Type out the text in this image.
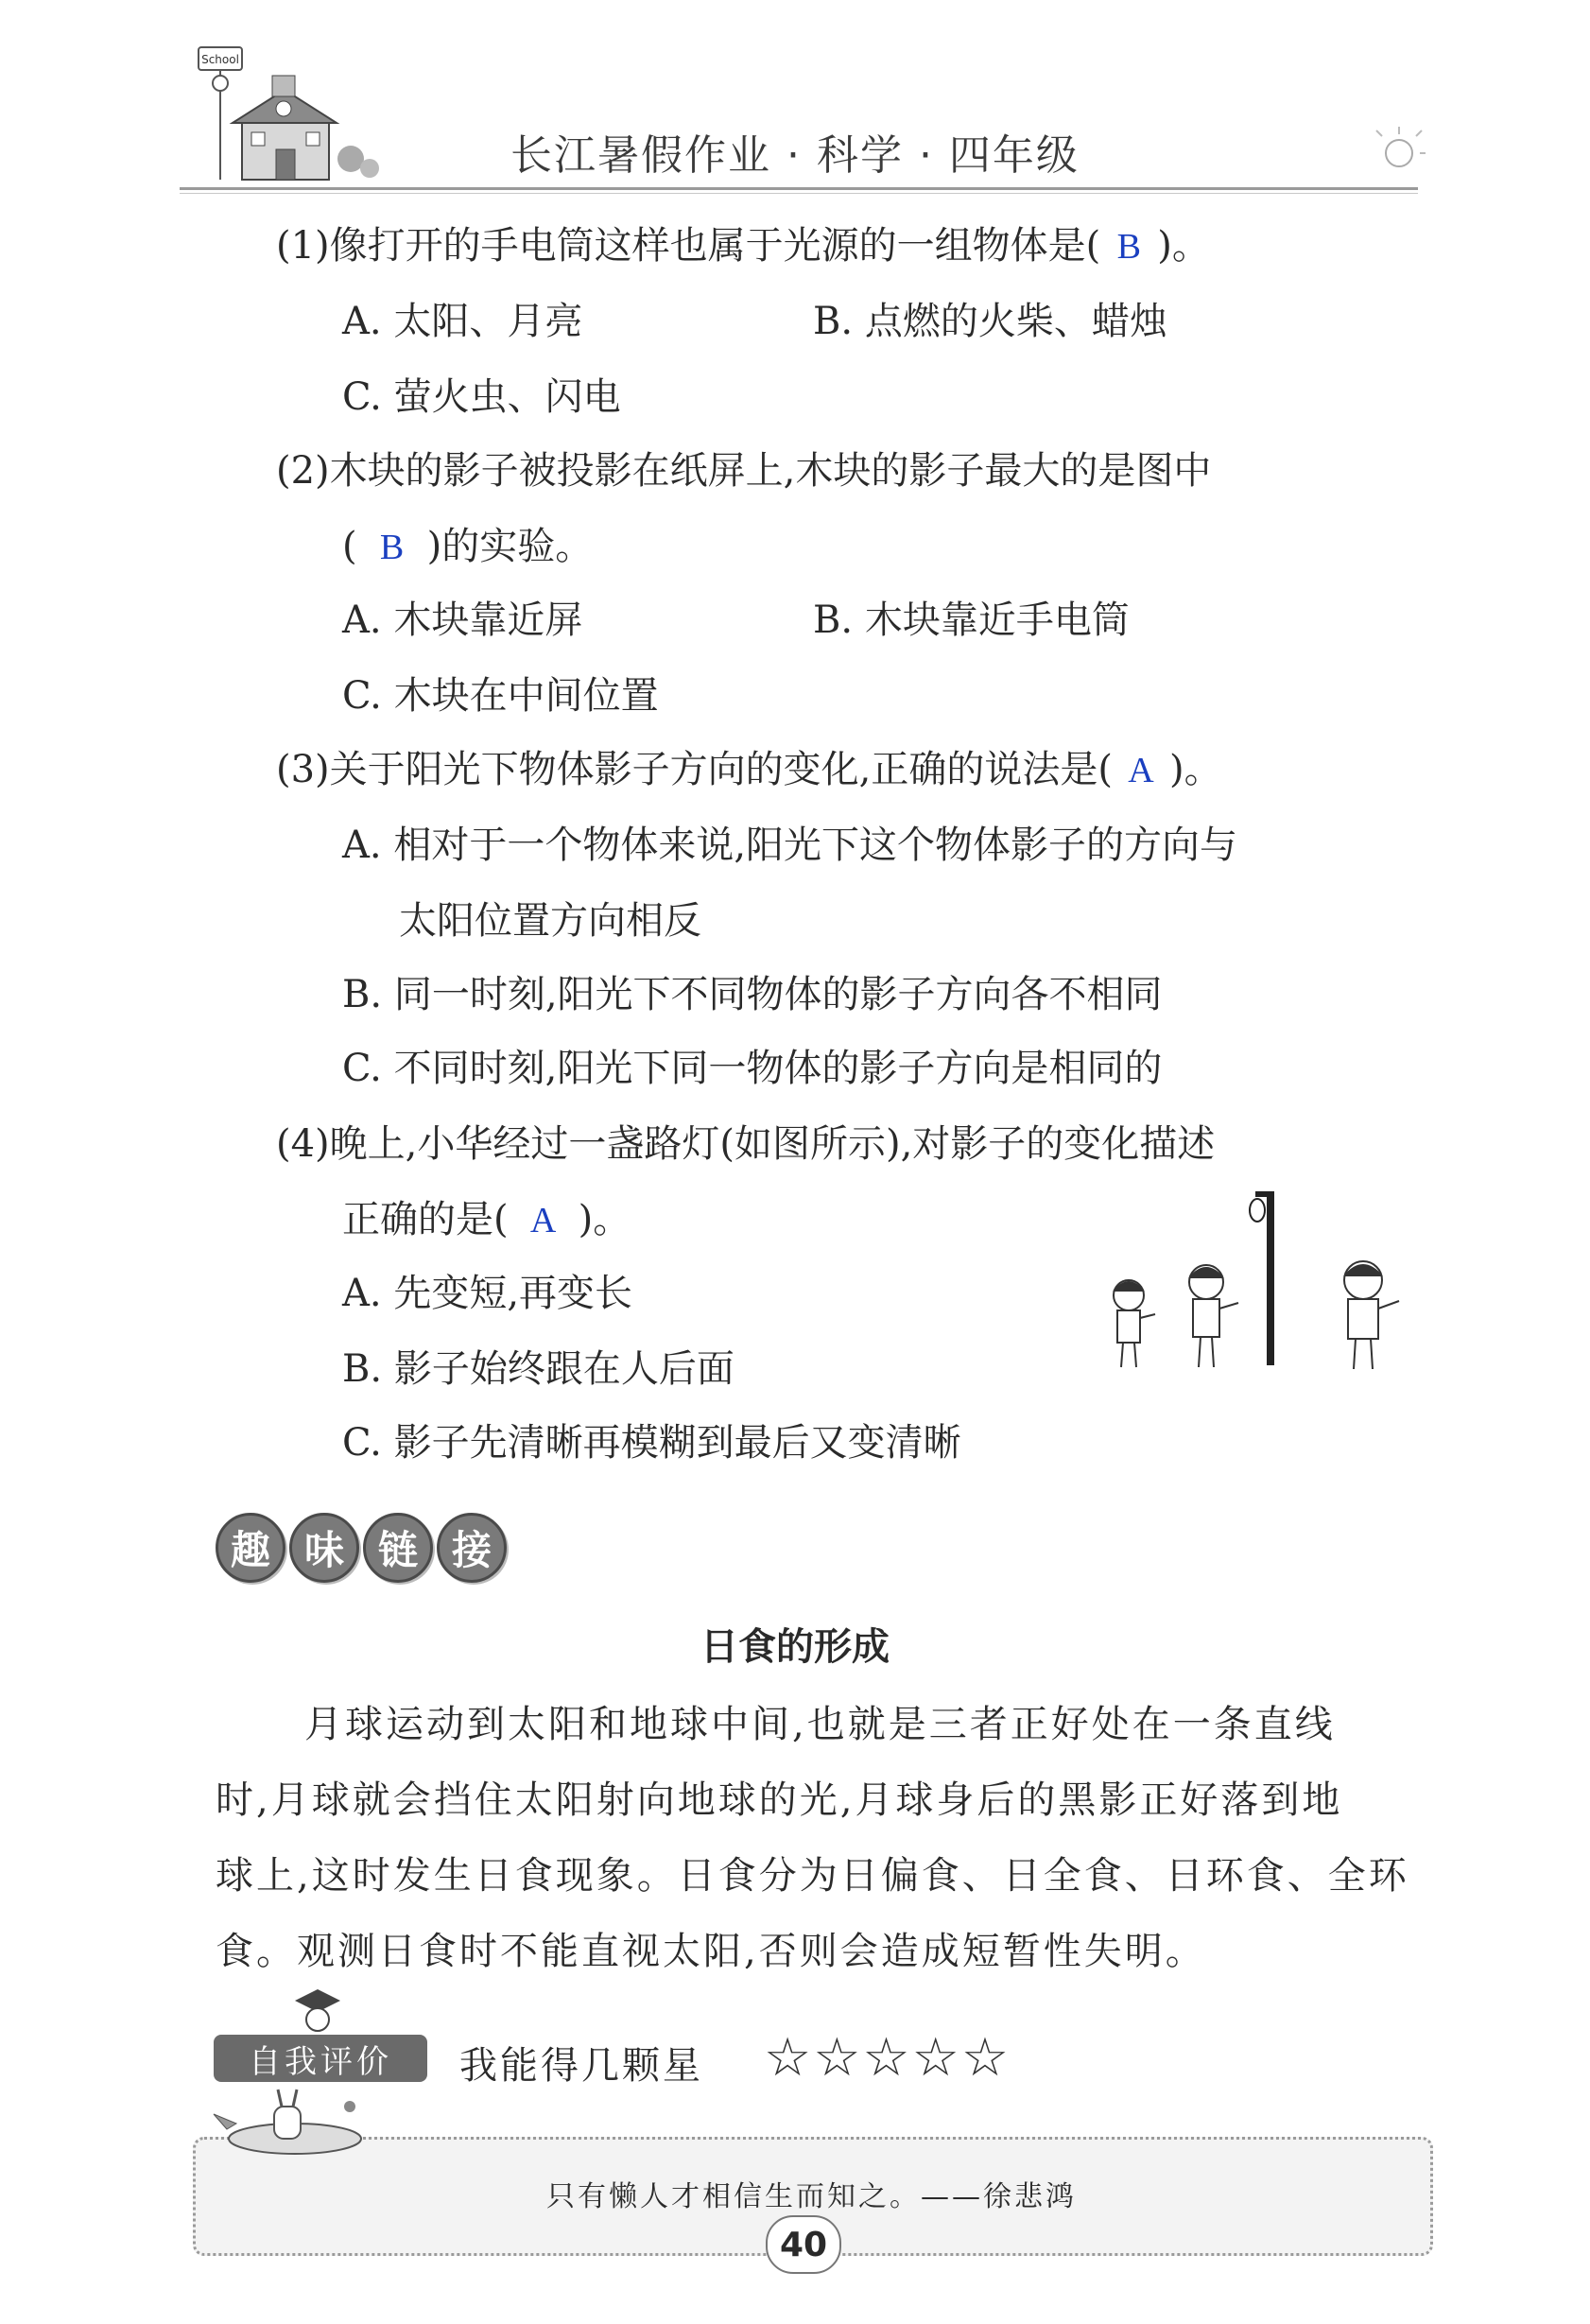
School
长江暑假作业 · 科学 · 四年级
(1)像打开的手电筒这样也属于光源的一组物体是( B )。
A. 太阳、月亮	B. 点燃的火柴、蜡烛
C. 萤火虫、闪电
(2)木块的影子被投影在纸屏上,木块的影子最大的是图中
( B )的实验。
A. 木块靠近屏	B. 木块靠近手电筒
C. 木块在中间位置
(3)关于阳光下物体影子方向的变化,正确的说法是( A )。
A. 相对于一个物体来说,阳光下这个物体影子的方向与
太阳位置方向相反
B. 同一时刻,阳光下不同物体的影子方向各不相同
C. 不同时刻,阳光下同一物体的影子方向是相同的
(4)晚上,小华经过一盏路灯(如图所示),对影子的变化描述
正确的是( A )。
A. 先变短,再变长
B. 影子始终跟在人后面
C. 影子先清晰再模糊到最后又变清晰
趣 味 链 接
日食的形成
月球运动到太阳和地球中间,也就是三者正好处在一条直线
时,月球就会挡住太阳射向地球的光,月球身后的黑影正好落到地
球上,这时发生日食现象。日食分为日偏食、日全食、日环食、全环
食。观测日食时不能直视太阳,否则会造成短暂性失明。
自我评价	我能得几颗星 ☆☆☆☆☆
只有懒人才相信生而知之。——徐悲鸿
40
